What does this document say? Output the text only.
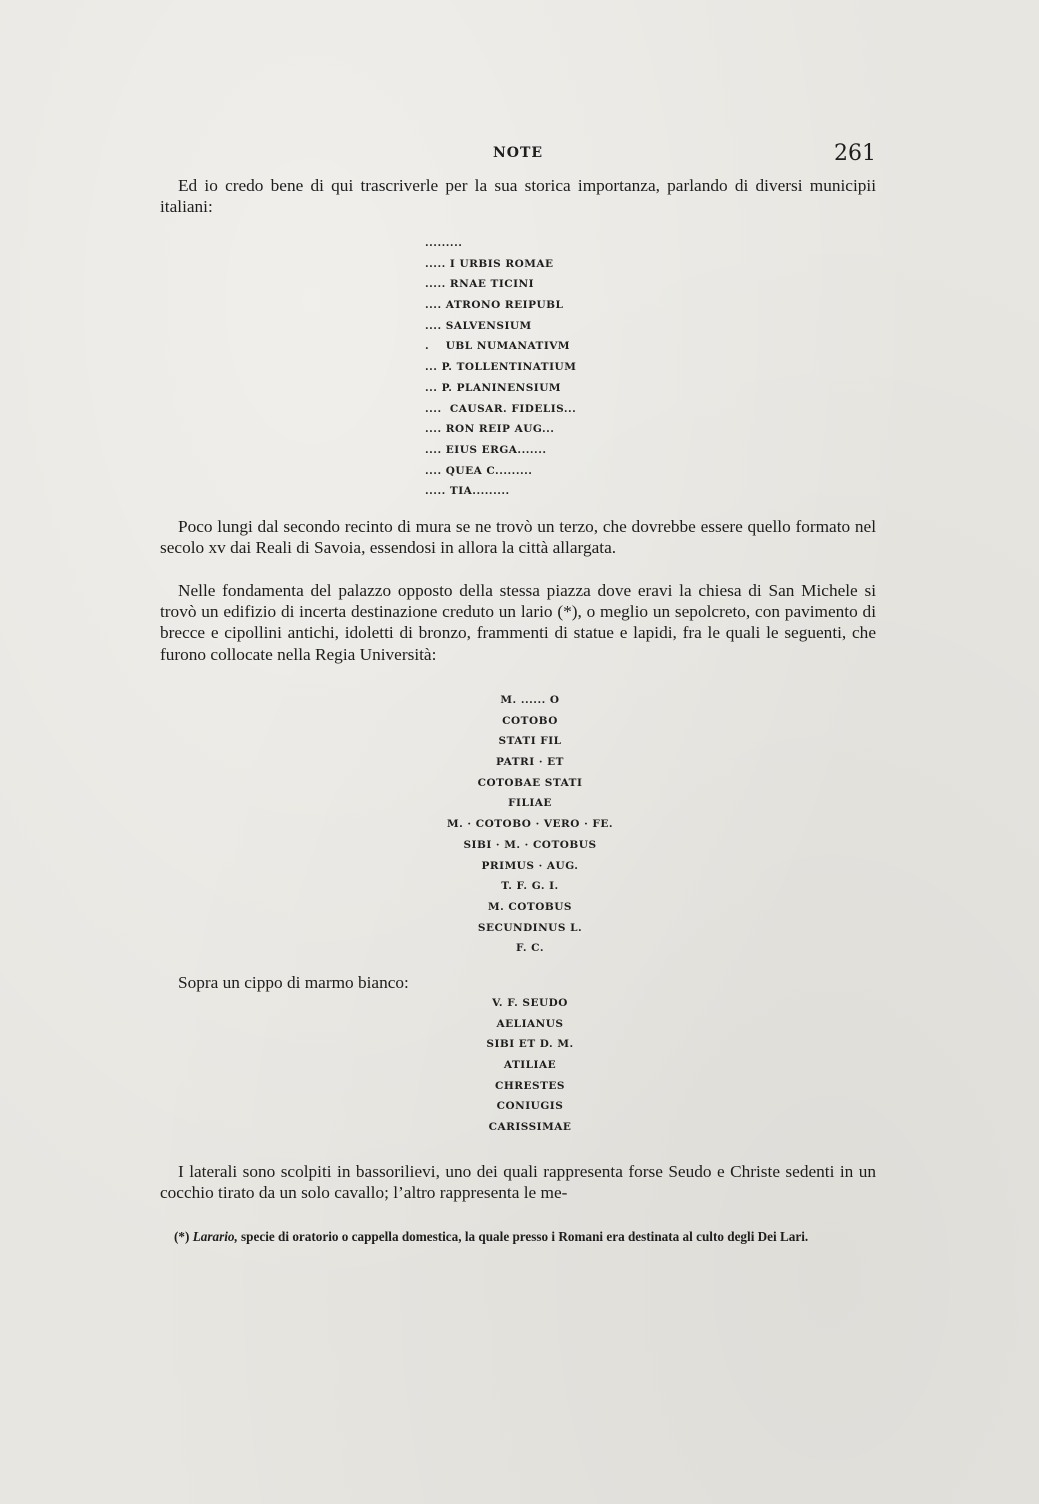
NOTE	261

Ed io credo bene di qui trascriverle per la sua storica importanza, parlando di diversi municipii italiani:

.........
..... I URBIS ROMAE
..... RNAE TICINI
.... ATRONO REIPUBL
.... SALVENSIUM
.    UBL NUMANATIVM
... P. TOLLENTINATIUM
... P. PLANINENSIUM
....  CAUSAR. FIDELIS...
.... RON REIP AUG...
.... EIUS ERGA.......
.... QUEA C.........
..... TIA.........

Poco lungi dal secondo recinto di mura se ne trovò un terzo, che dovrebbe essere quello formato nel secolo xv dai Reali di Savoia, essendosi in allora la città allargata.

Nelle fondamenta del palazzo opposto della stessa piazza dove eravi la chiesa di San Michele si trovò un edifizio di incerta destinazione creduto un lario (*), o meglio un sepolcreto, con pavimento di brecce e cipollini antichi, idoletti di bronzo, frammenti di statue e lapidi, fra le quali le seguenti, che furono collocate nella Regia Università:

M. ...... O
COTOBO
STATI FIL
PATRI · ET
COTOBAE STATI
FILIAE
M. · COTOBO · VERO · FE.
SIBI · M. · COTOBUS
PRIMUS · AUG.
T. F. G. I.
M. COTOBUS
SECUNDINUS L.
F. C.

Sopra un cippo di marmo bianco:

V. F. SEUDO
AELIANUS
SIBI ET D. M.
ATILIAE
CHRESTES
CONIUGIS
CARISSIMAE

I laterali sono scolpiti in bassorilievi, uno dei quali rappresenta forse Seudo e Christe sedenti in un cocchio tirato da un solo cavallo; l’altro rappresenta le me-

(*) Larario, specie di oratorio o cappella domestica, la quale presso i Romani era destinata al culto degli Dei Lari.
